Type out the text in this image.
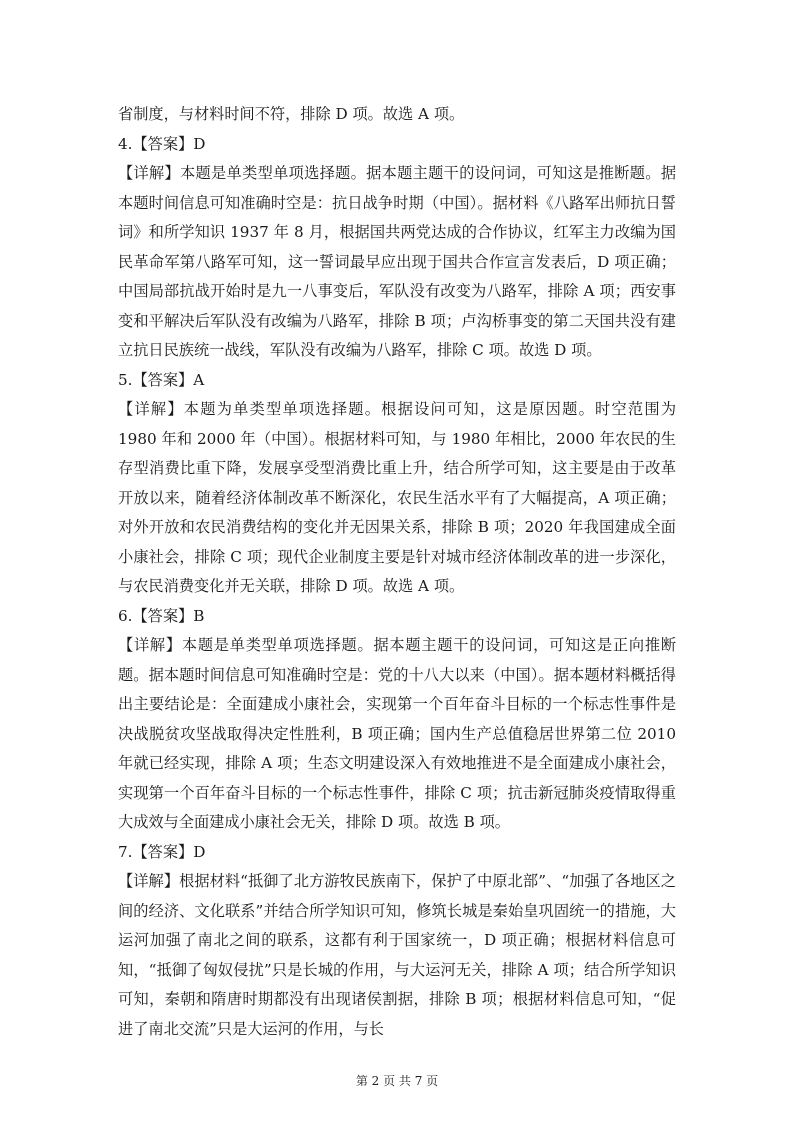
省制度，与材料时间不符，排除 D 项。故选 A 项。

4.【答案】D

【详解】本题是单类型单项选择题。据本题主题干的设问词，可知这是推断题。据本题时间信息可知准确时空是：抗日战争时期（中国）。据材料《八路军出师抗日誓词》和所学知识 1937 年 8 月，根据国共两党达成的合作协议，红军主力改编为国民革命军第八路军可知，这一誓词最早应出现于国共合作宣言发表后，D 项正确；中国局部抗战开始时是九一八事变后，军队没有改变为八路军，排除 A 项；西安事变和平解决后军队没有改编为八路军，排除 B 项；卢沟桥事变的第二天国共没有建立抗日民族统一战线，军队没有改编为八路军，排除 C 项。故选 D 项。

5.【答案】A

【详解】本题为单类型单项选择题。根据设问可知，这是原因题。时空范围为 1980 年和 2000 年（中国）。根据材料可知，与 1980 年相比，2000 年农民的生存型消费比重下降，发展享受型消费比重上升，结合所学可知，这主要是由于改革开放以来，随着经济体制改革不断深化，农民生活水平有了大幅提高，A 项正确；对外开放和农民消费结构的变化并无因果关系，排除 B 项；2020 年我国建成全面小康社会，排除 C 项；现代企业制度主要是针对城市经济体制改革的进一步深化，与农民消费变化并无关联，排除 D 项。故选 A 项。

6.【答案】B

【详解】本题是单类型单项选择题。据本题主题干的设问词，可知这是正向推断题。据本题时间信息可知准确时空是：党的十八大以来（中国）。据本题材料概括得出主要结论是：全面建成小康社会，实现第一个百年奋斗目标的一个标志性事件是决战脱贫攻坚战取得决定性胜利，B 项正确；国内生产总值稳居世界第二位 2010 年就已经实现，排除 A 项；生态文明建设深入有效地推进不是全面建成小康社会，实现第一个百年奋斗目标的一个标志性事件，排除 C 项；抗击新冠肺炎疫情取得重大成效与全面建成小康社会无关，排除 D 项。故选 B 项。

7.【答案】D

【详解】根据材料“抵御了北方游牧民族南下，保护了中原北部”、“加强了各地区之间的经济、文化联系”并结合所学知识可知，修筑长城是秦始皇巩固统一的措施，大运河加强了南北之间的联系，这都有利于国家统一，D 项正确；根据材料信息可知，“抵御了匈奴侵扰”只是长城的作用，与大运河无关，排除 A 项；结合所学知识可知，秦朝和隋唐时期都没有出现诸侯割据，排除 B 项；根据材料信息可知，“促进了南北交流”只是大运河的作用，与长

第 2 页 共 7 页
